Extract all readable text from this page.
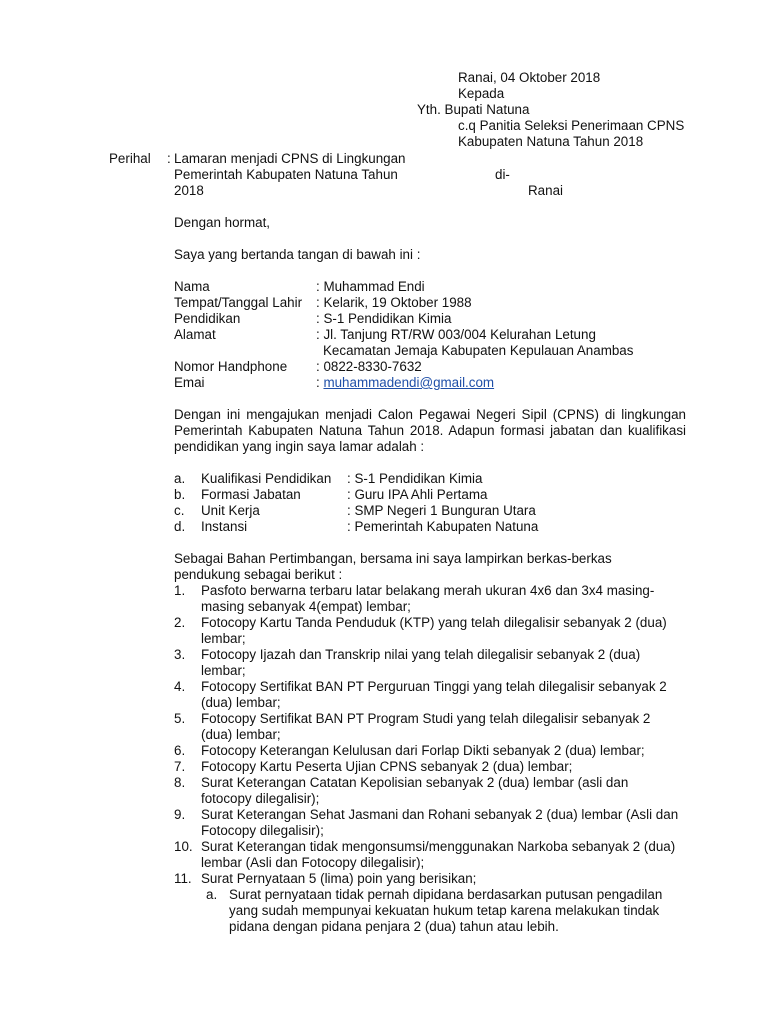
Ranai, 04 Oktober 2018
Kepada
Yth. Bupati Natuna
c.q Panitia Seleksi Penerimaan CPNS
Kabupaten Natuna Tahun 2018
Perihal : Lamaran menjadi CPNS di Lingkungan
Pemerintah Kabupaten Natuna Tahun
2018
di-
Ranai
Dengan hormat,
Saya yang bertanda tangan di bawah ini :
Nama	: Muhammad Endi
Tempat/Tanggal Lahir : Kelarik, 19 Oktober 1988
Pendidikan	: S-1 Pendidikan Kimia
Alamat	: Jl. Tanjung RT/RW 003/004 Kelurahan Letung
Kecamatan Jemaja Kabupaten Kepulauan Anambas
Nomor Handphone : 0822-8330-7632
Emai	: muhammadendi@gmail.com
Dengan ini mengajukan menjadi Calon Pegawai Negeri Sipil (CPNS) di lingkungan Pemerintah Kabupaten Natuna Tahun 2018. Adapun formasi jabatan dan kualifikasi pendidikan yang ingin saya lamar adalah :
a. Kualifikasi Pendidikan : S-1 Pendidikan Kimia
b. Formasi Jabatan	: Guru IPA Ahli Pertama
c. Unit Kerja	: SMP Negeri 1 Bunguran Utara
d. Instansi	: Pemerintah Kabupaten Natuna
Sebagai Bahan Pertimbangan, bersama ini saya lampirkan berkas-berkas pendukung sebagai berikut :
1. Pasfoto berwarna terbaru latar belakang merah ukuran 4x6 dan 3x4 masing-masing sebanyak 4(empat) lembar;
2. Fotocopy Kartu Tanda Penduduk (KTP) yang telah dilegalisir sebanyak 2 (dua) lembar;
3. Fotocopy Ijazah dan Transkrip nilai yang telah dilegalisir sebanyak 2 (dua) lembar;
4. Fotocopy Sertifikat BAN PT Perguruan Tinggi yang telah dilegalisir sebanyak 2 (dua) lembar;
5. Fotocopy Sertifikat BAN PT Program Studi yang telah dilegalisir sebanyak 2 (dua) lembar;
6. Fotocopy Keterangan Kelulusan dari Forlap Dikti sebanyak 2 (dua) lembar;
7. Fotocopy Kartu Peserta Ujian CPNS sebanyak 2 (dua) lembar;
8. Surat Keterangan Catatan Kepolisian sebanyak 2 (dua) lembar (asli dan fotocopy dilegalisir);
9. Surat Keterangan Sehat Jasmani dan Rohani sebanyak 2 (dua) lembar (Asli dan Fotocopy dilegalisir);
10. Surat Keterangan tidak mengonsumsi/menggunakan Narkoba sebanyak 2 (dua) lembar (Asli dan Fotocopy dilegalisir);
11. Surat Pernyataan 5 (lima) poin yang berisikan;
a. Surat pernyataan tidak pernah dipidana berdasarkan putusan pengadilan yang sudah mempunyai kekuatan hukum tetap karena melakukan tindak pidana dengan pidana penjara 2 (dua) tahun atau lebih.
